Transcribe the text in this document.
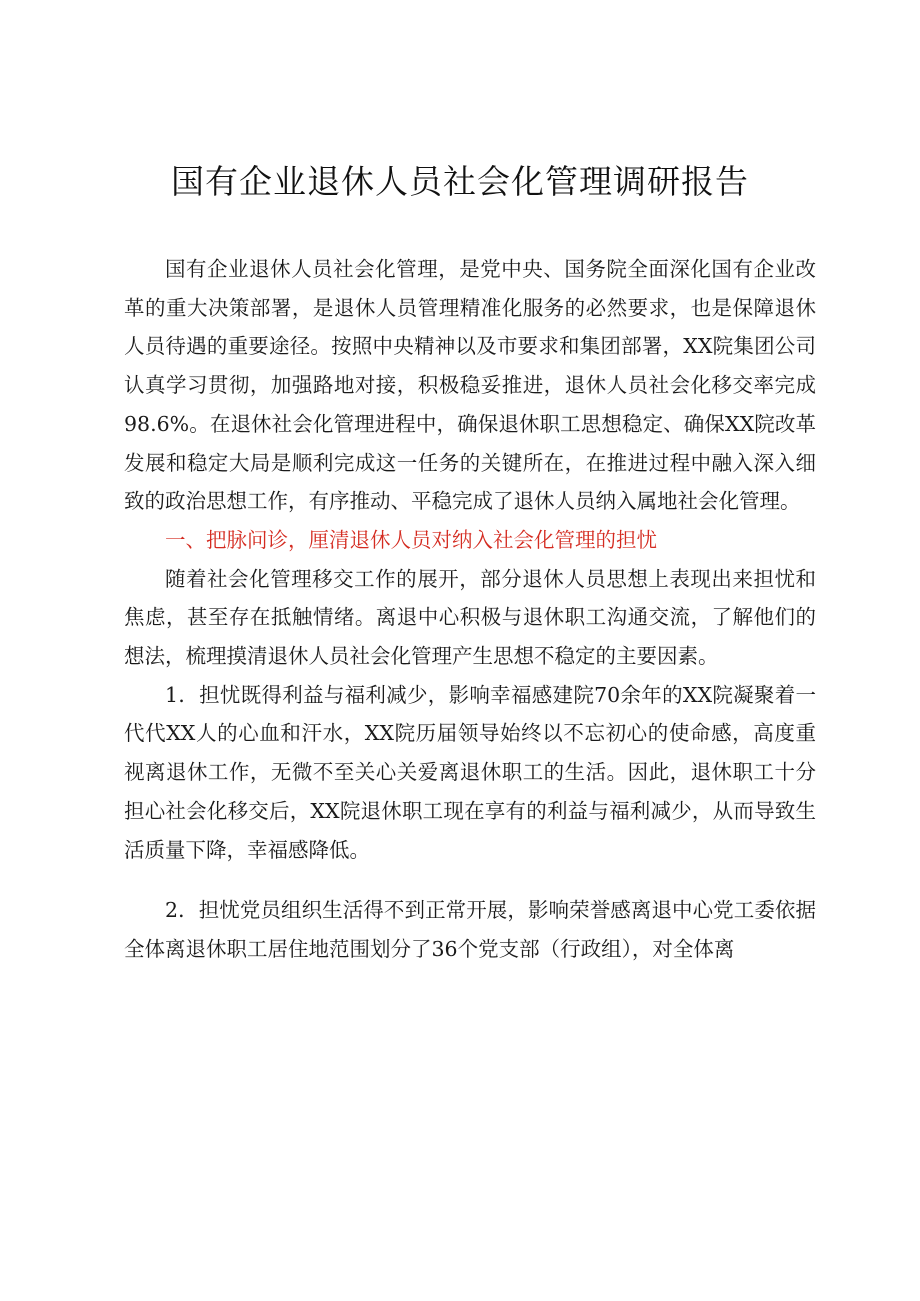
国有企业退休人员社会化管理调研报告

国有企业退休人员社会化管理，是党中央、国务院全面深化国有企业改革的重大决策部署，是退休人员管理精准化服务的必然要求，也是保障退休人员待遇的重要途径。按照中央精神以及市要求和集团部署，XX院集团公司认真学习贯彻，加强路地对接，积极稳妥推进，退休人员社会化移交率完成98.6%。在退休社会化管理进程中，确保退休职工思想稳定、确保XX院改革发展和稳定大局是顺利完成这一任务的关键所在，在推进过程中融入深入细致的政治思想工作，有序推动、平稳完成了退休人员纳入属地社会化管理。

一、把脉问诊，厘清退休人员对纳入社会化管理的担忧

随着社会化管理移交工作的展开，部分退休人员思想上表现出来担忧和焦虑，甚至存在抵触情绪。离退中心积极与退休职工沟通交流，了解他们的想法，梳理摸清退休人员社会化管理产生思想不稳定的主要因素。

1．担忧既得利益与福利减少，影响幸福感建院70余年的XX院凝聚着一代代XX人的心血和汗水，XX院历届领导始终以不忘初心的使命感，高度重视离退休工作，无微不至关心关爱离退休职工的生活。因此，退休职工十分担心社会化移交后，XX院退休职工现在享有的利益与福利减少，从而导致生活质量下降，幸福感降低。

2．担忧党员组织生活得不到正常开展，影响荣誉感离退中心党工委依据全体离退休职工居住地范围划分了36个党支部（行政组），对全体离
